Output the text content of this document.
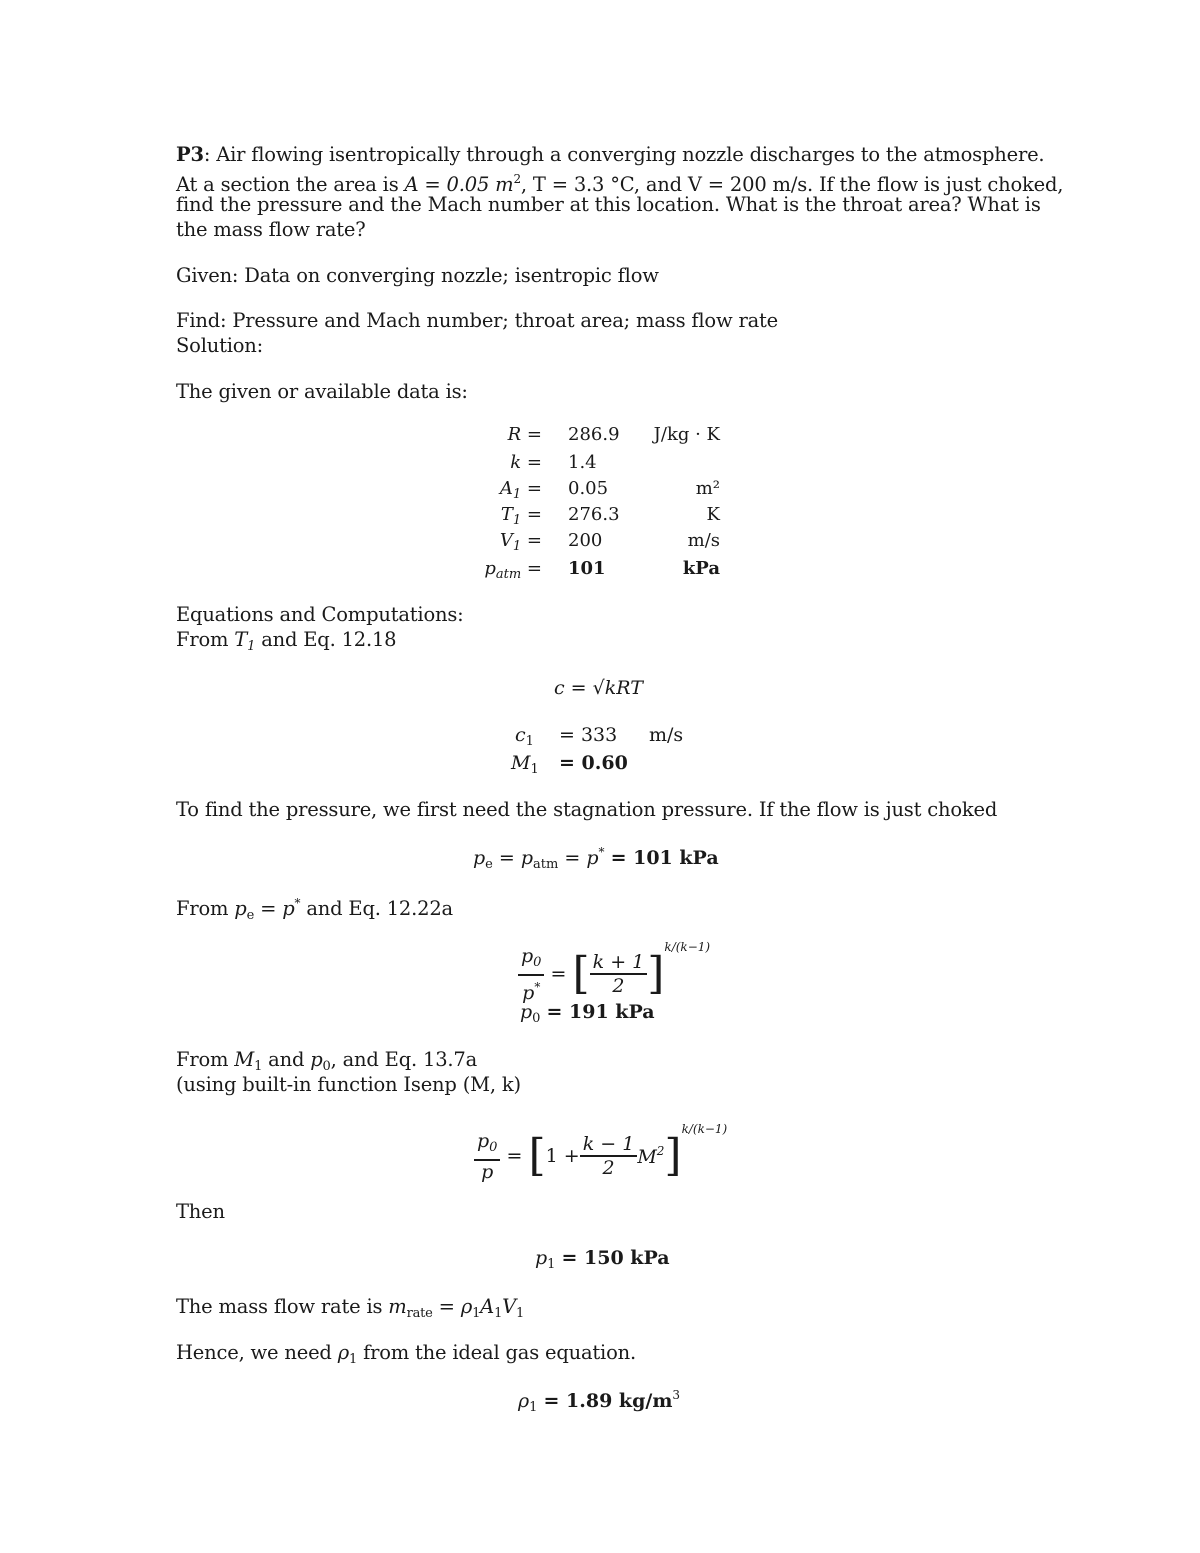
P3: Air flowing isentropically through a converging nozzle discharges to the atmosphere.
At a section the area is A = 0.05 $m^2$, T = 3.3 °C, and V = 200 m/s. If the flow is just choked,
find the pressure and the Mach number at this location. What is the throat area? What is
the mass flow rate?
Given: Data on converging nozzle; isentropic flow
Find: Pressure and Mach number; throat area; mass flow rate
Solution:
The given or available data is:
R = 286.9	J/kg · K
k = 1.4
$A_1 = 0.05$	m²
$T_1 = 276.3$	K
$V_1 = 200$	m/s
$p_{atm} = 101$	kPa
Equations and Computations:
From $T_1$ and Eq. 12.18
c = √kRT
$c_1 = 333$ m/s
$M_1 = 0.60$
To find the pressure, we first need the stagnation pressure. If the flow is just choked
$p_e = p_{atm} = p^* = 101$ kPa
From $p_e = p^*$ and Eq. 12.22a
$\frac{p_0}{p^*}$ = [ $\frac{k + 1}{2} ]^{k/(k-1)}$
$p_0 = 191$ kPa
From $M_1$ and $p_0$, and Eq. 13.7a
(using built-in function Isenp (M, k)
$\frac{p_0}{p} = [1 + \frac{k - 1}{2} M^2]^{k/(k-1)}$
Then
$p_1 = 150$ kPa
The mass flow rate is $m_{rate} = \rho_1A_1V_1$
Hence, we need $\rho_1$ from the ideal gas equation.
$\rho_1 = 1.89$ $kg/m^3$
